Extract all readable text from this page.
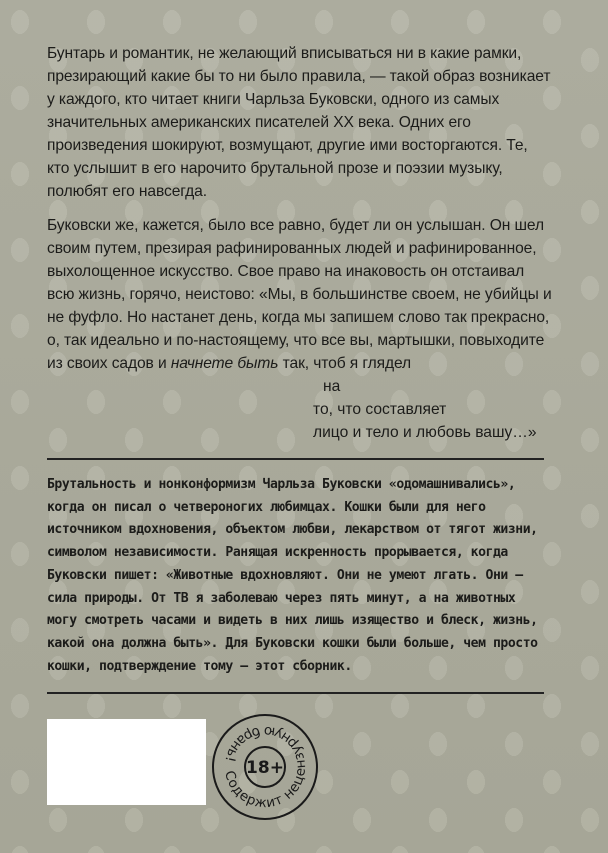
Бунтарь и романтик, не желающий вписываться ни в какие рамки, презирающий какие бы то ни было правила, — такой образ возникает у каждого, кто читает книги Чарльза Буковски, одного из самых значительных американских писателей XX века. Одних его произведения шокируют, возмущают, другие ими восторгаются. Те, кто услышит в его нарочито брутальной прозе и поэзии музыку, полюбят его навсегда.

Буковски же, кажется, было все равно, будет ли он услышан. Он шел своим путем, презирая рафинированных людей и рафинированное, выхолощенное искусство. Свое право на инаковость он отстаивал всю жизнь, горячо, неистово: «Мы, в большинстве своем, не убийцы и не фуфло. Но настанет день, когда мы запишем слово так прекрасно, о, так идеально и по-настоящему, что все вы, мартышки, повыходите из своих садов и начнете быть так, чтоб я глядел

на
то, что составляет
лицо и тело и любовь вашу…»

Брутальность и нонконформизм Чарльза Буковски «одомашнивались», когда он писал о четвероногих любимцах. Кошки были для него источником вдохновения, объектом любви, лекарством от тягот жизни, символом независимости. Ранящая искренность прорывается, когда Буковски пишет: «Животные вдохновляют. Они не умеют лгать. Они — сила природы. От ТВ я заболеваю через пять минут, а на животных могу смотреть часами и видеть в них лишь изящество и блеск, жизнь, какой она должна быть». Для Буковски кошки были больше, чем просто кошки, подтверждение тому — этот сборник.

Содержит нецензурную брань! 18+
